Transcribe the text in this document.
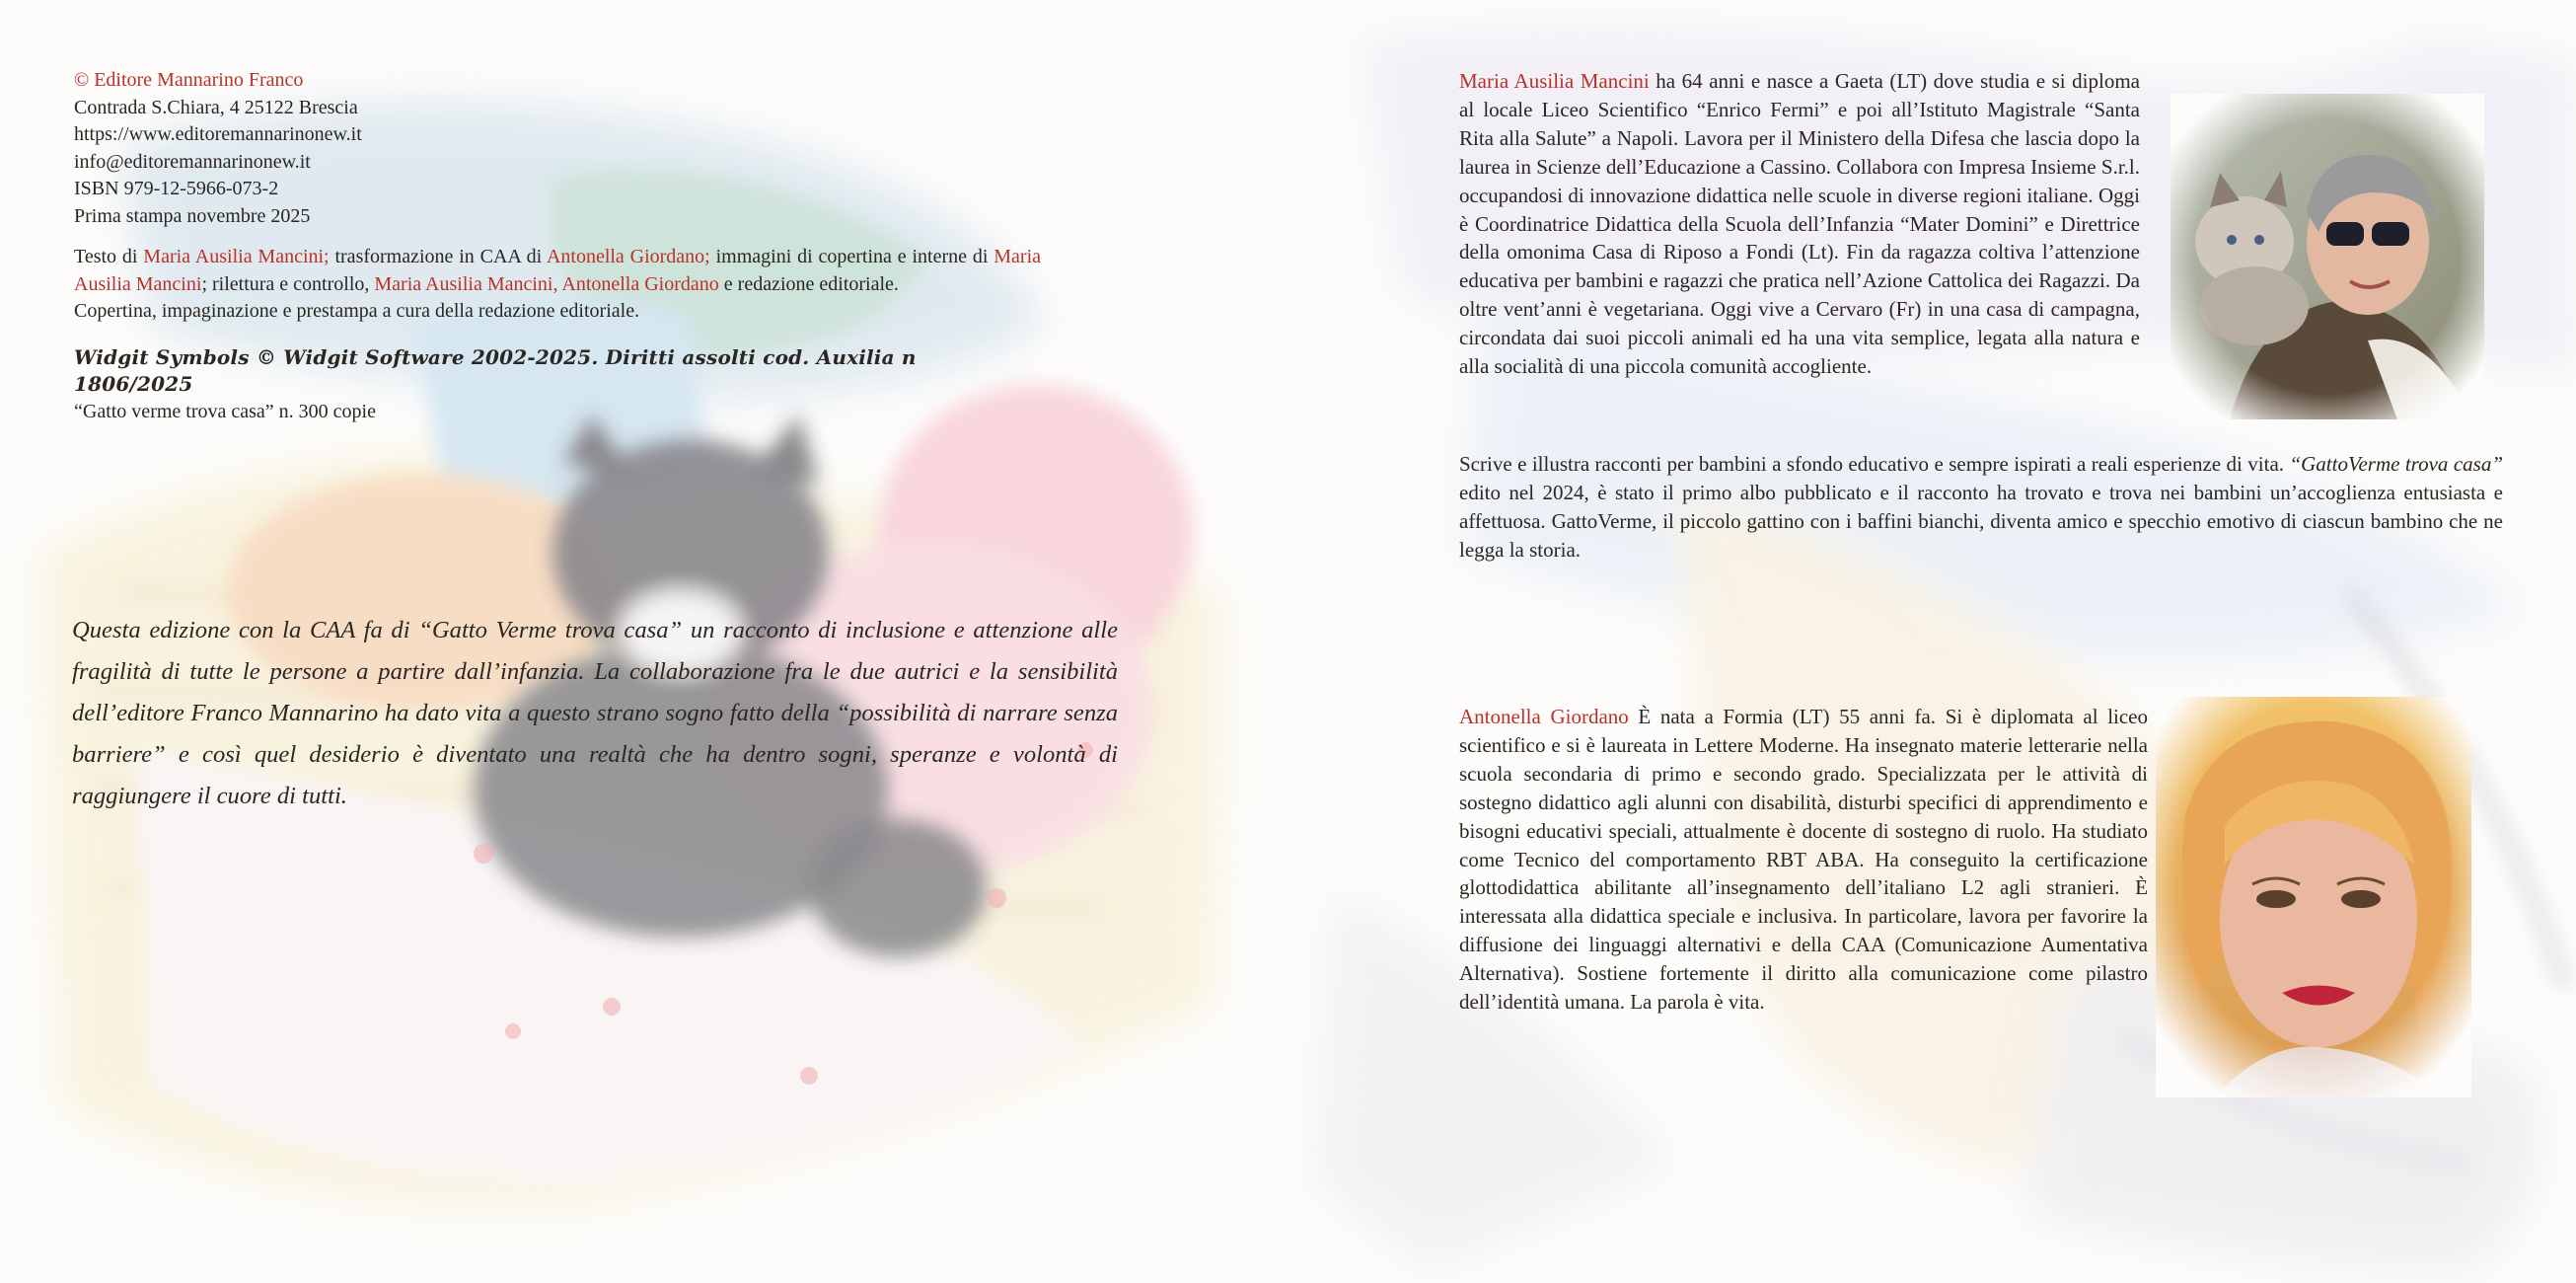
© Editore Mannarino Franco
Contrada S.Chiara, 4 25122 Brescia
https://www.editoremannarinonew.it
info@editoremannarinonew.it
ISBN 979-12-5966-073-2
Prima stampa novembre 2025
Testo di Maria Ausilia Mancini; trasformazione in CAA di Antonella Giordano; immagini di copertina e interne di Maria Ausilia Mancini; rilettura e controllo, Maria Ausilia Mancini, Antonella Giordano e redazione editoriale.
Copertina, impaginazione e prestampa a cura della redazione editoriale.
Widgit Symbols © Widgit Software 2002-2025. Diritti assolti cod. Auxilia n 1806/2025
“Gatto verme trova casa” n. 300 copie
Questa edizione con la CAA fa di “Gatto Verme trova casa” un racconto di inclusione e attenzione alle fragilità di tutte le persone a partire dall’infanzia. La collaborazione fra le due autrici e la sensibilità dell’editore Franco Mannarino ha dato vita a questo strano sogno fatto della “possibilità di narrare senza barriere” e così quel desiderio è diventato una realtà che ha dentro sogni, speranze e volontà di raggiungere il cuore di tutti.
Maria Ausilia Mancini ha 64 anni e nasce a Gaeta (LT) dove studia e si diploma al locale Liceo Scientifico “Enrico Fermi” e poi all’Istituto Magistrale “Santa Rita alla Salute” a Napoli. Lavora per il Ministero della Difesa che lascia dopo la laurea in Scienze dell’Educazione a Cassino. Collabora con Impresa Insieme S.r.l. occupandosi di innovazione didattica nelle scuole in diverse regioni italiane. Oggi è Coordinatrice Didattica della Scuola dell’Infanzia “Mater Domini” e Direttrice della omonima Casa di Riposo a Fondi (Lt). Fin da ragazza coltiva l’attenzione educativa per bambini e ragazzi che pratica nell’Azione Cattolica dei Ragazzi. Da oltre vent’anni è vegetariana. Oggi vive a Cervaro (Fr) in una casa di campagna, circondata dai suoi piccoli animali ed ha una vita semplice, legata alla natura e alla socialità di una piccola comunità accogliente.
Scrive e illustra racconti per bambini a sfondo educativo e sempre ispirati a reali esperienze di vita. “GattoVerme trova casa” edito nel 2024, è stato il primo albo pubblicato e il racconto ha trovato e trova nei bambini un’accoglienza entusiasta e affettuosa. GattoVerme, il piccolo gattino con i baffini bianchi, diventa amico e specchio emotivo di ciascun bambino che ne legga la storia.
Antonella Giordano È nata a Formia (LT) 55 anni fa. Si è diplomata al liceo scientifico e si è laureata in Lettere Moderne. Ha insegnato materie letterarie nella scuola secondaria di primo e secondo grado. Specializzata per le attività di sostegno didattico agli alunni con disabilità, disturbi specifici di apprendimento e bisogni educativi speciali, attualmente è docente di sostegno di ruolo. Ha studiato come Tecnico del comportamento RBT ABA. Ha conseguito la certificazione glottodidattica abilitante all’insegnamento dell’italiano L2 agli stranieri. È interessata alla didattica speciale e inclusiva. In particolare, lavora per favorire la diffusione dei linguaggi alternativi e della CAA (Comunicazione Aumentativa Alternativa). Sostiene fortemente il diritto alla comunicazione come pilastro dell’identità umana. La parola è vita.
